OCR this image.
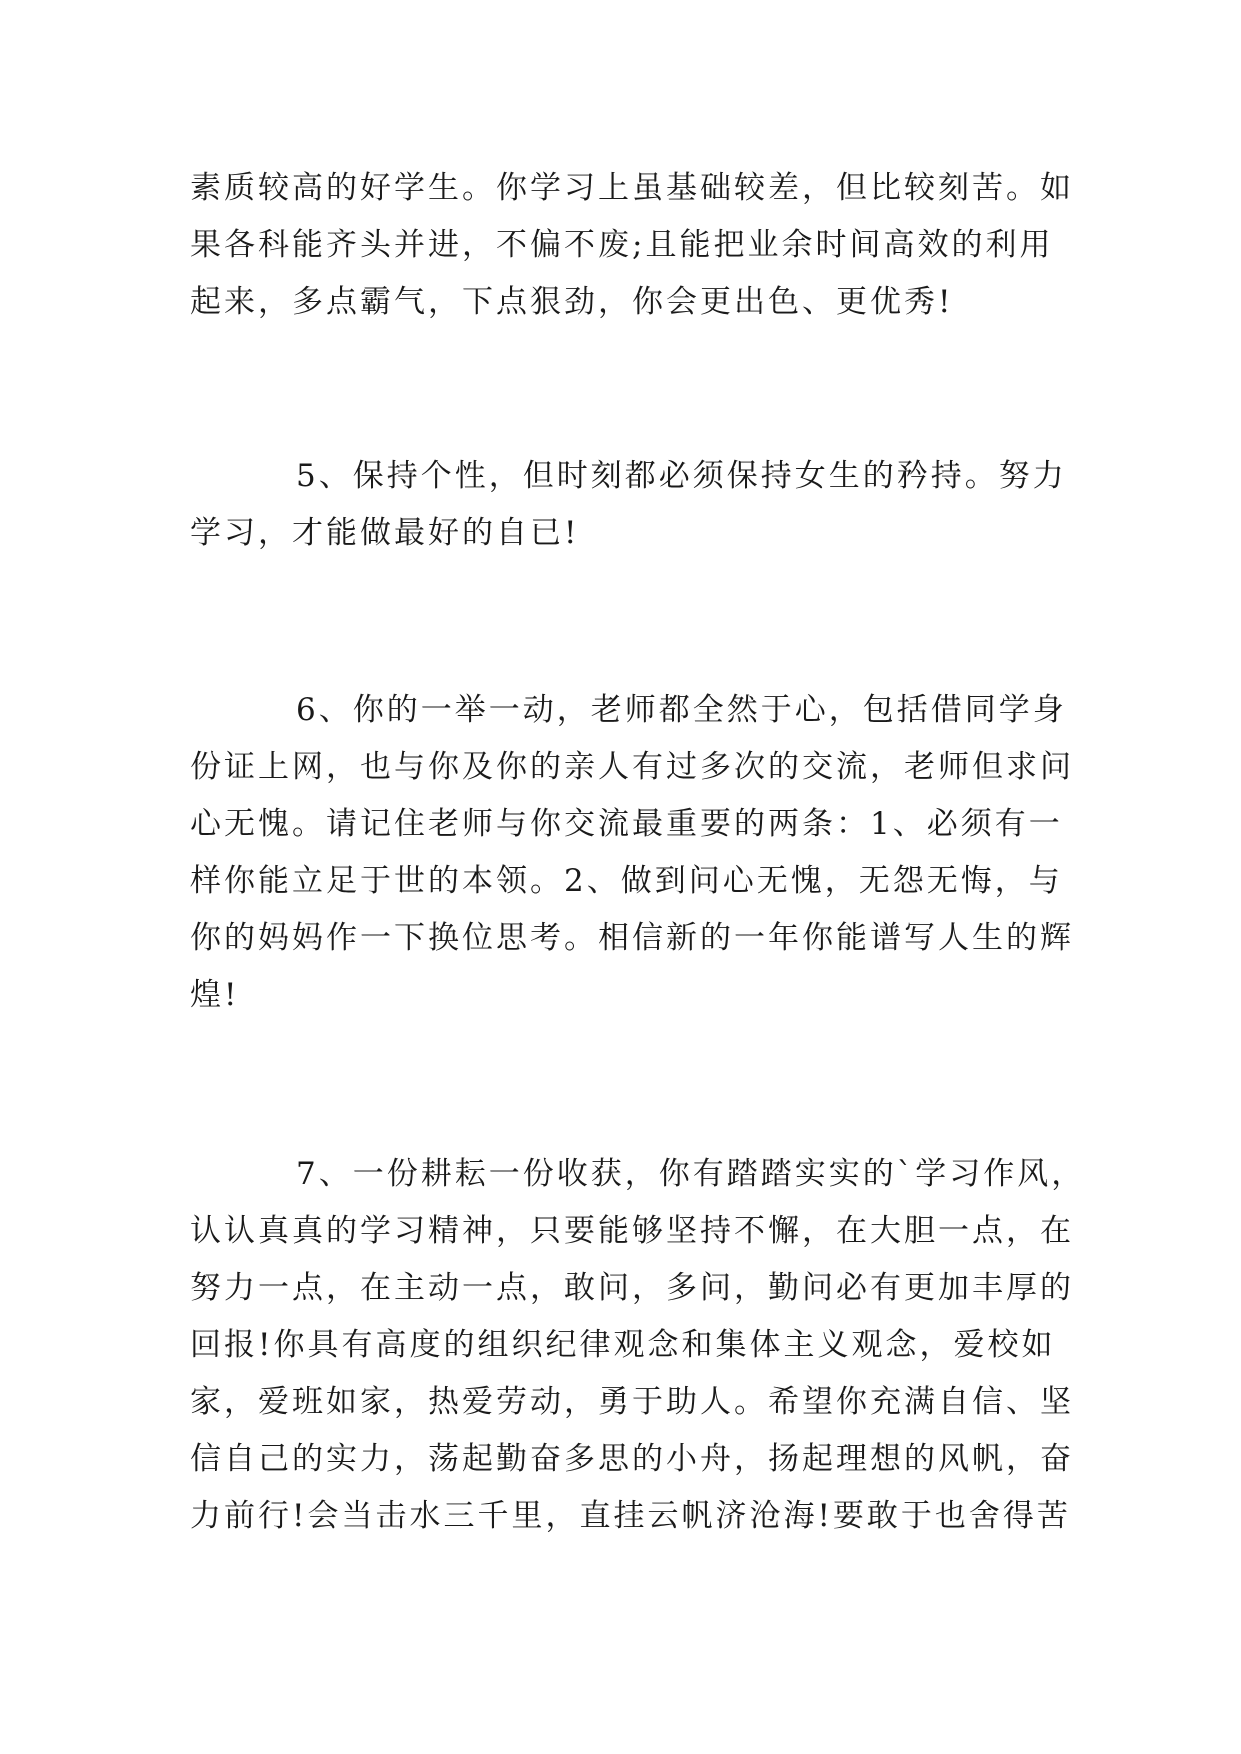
素质较高的好学生。你学习上虽基础较差，但比较刻苦。如
果各科能齐头并进，不偏不废;且能把业余时间高效的利用
起来，多点霸气，下点狠劲，你会更出色、更优秀!

5、保持个性，但时刻都必须保持女生的矜持。努力
学习，才能做最好的自已!

6、你的一举一动，老师都全然于心，包括借同学身
份证上网，也与你及你的亲人有过多次的交流，老师但求问
心无愧。请记住老师与你交流最重要的两条：1、必须有一
样你能立足于世的本领。2、做到问心无愧，无怨无悔，与
你的妈妈作一下换位思考。相信新的一年你能谱写人生的辉
煌!

7、一份耕耘一份收获，你有踏踏实实的`学习作风，
认认真真的学习精神，只要能够坚持不懈，在大胆一点，在
努力一点，在主动一点，敢问，多问，勤问必有更加丰厚的
回报!你具有高度的组织纪律观念和集体主义观念，爱校如
家，爱班如家，热爱劳动，勇于助人。希望你充满自信、坚
信自己的实力，荡起勤奋多思的小舟，扬起理想的风帆，奋
力前行!会当击水三千里，直挂云帆济沧海!要敢于也舍得苦
